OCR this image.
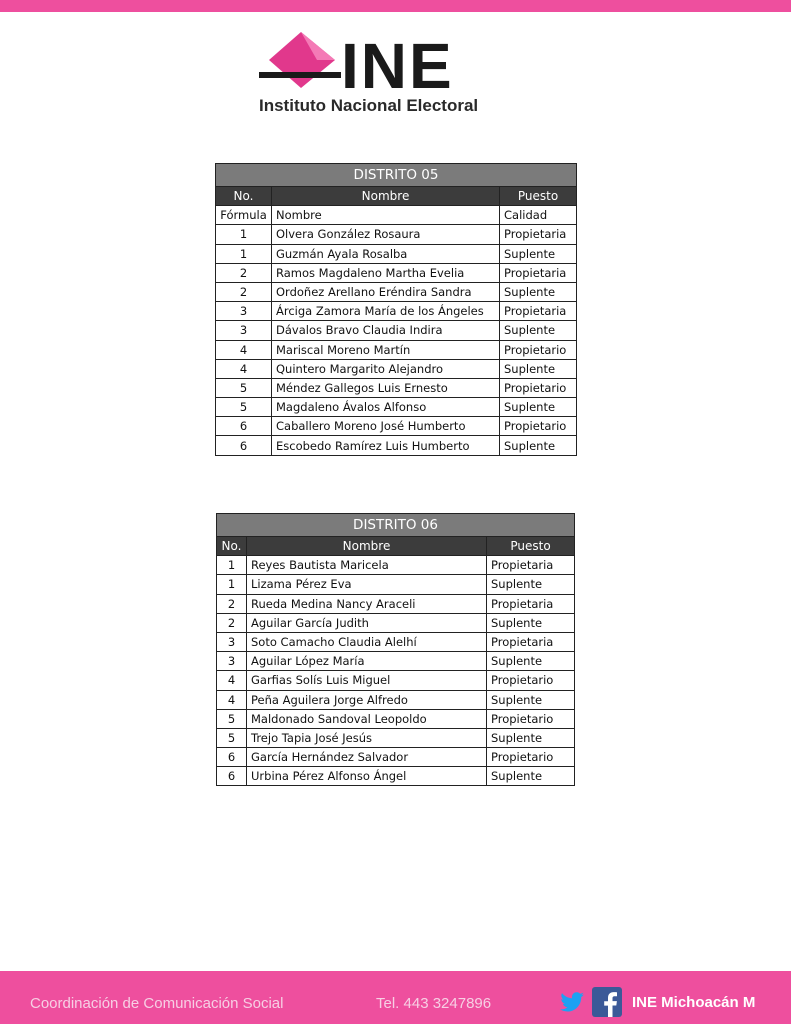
INE
Instituto Nacional Electoral
DISTRITO 05		
No.	Nombre	Puesto
Fórmula	Nombre	Calidad
1	Olvera González Rosaura	Propietaria
1	Guzmán Ayala Rosalba	Suplente
2	Ramos Magdaleno Martha Evelia	Propietaria
2	Ordoñez Arellano Eréndira Sandra	Suplente
3	Árciga Zamora María de los Ángeles	Propietaria
3	Dávalos Bravo Claudia Indira	Suplente
4	Mariscal Moreno Martín	Propietario
4	Quintero Margarito Alejandro	Suplente
5	Méndez Gallegos Luis Ernesto	Propietario
5	Magdaleno Ávalos Alfonso	Suplente
6	Caballero Moreno José Humberto	Propietario
6	Escobedo Ramírez Luis Humberto	Suplente
DISTRITO 06		
No.	Nombre	Puesto
1	Reyes Bautista Maricela	Propietaria
1	Lizama Pérez Eva	Suplente
2	Rueda Medina Nancy Araceli	Propietaria
2	Aguilar García Judith	Suplente
3	Soto Camacho Claudia Alelhí	Propietaria
3	Aguilar López María	Suplente
4	Garfias Solís Luis Miguel	Propietario
4	Peña Aguilera Jorge Alfredo	Suplente
5	Maldonado Sandoval Leopoldo	Propietario
5	Trejo Tapia José Jesús	Suplente
6	García Hernández Salvador	Propietario
6	Urbina Pérez Alfonso Ángel	Suplente
Coordinación de Comunicación Social	Tel. 443 3247896	INE Michoacán M
